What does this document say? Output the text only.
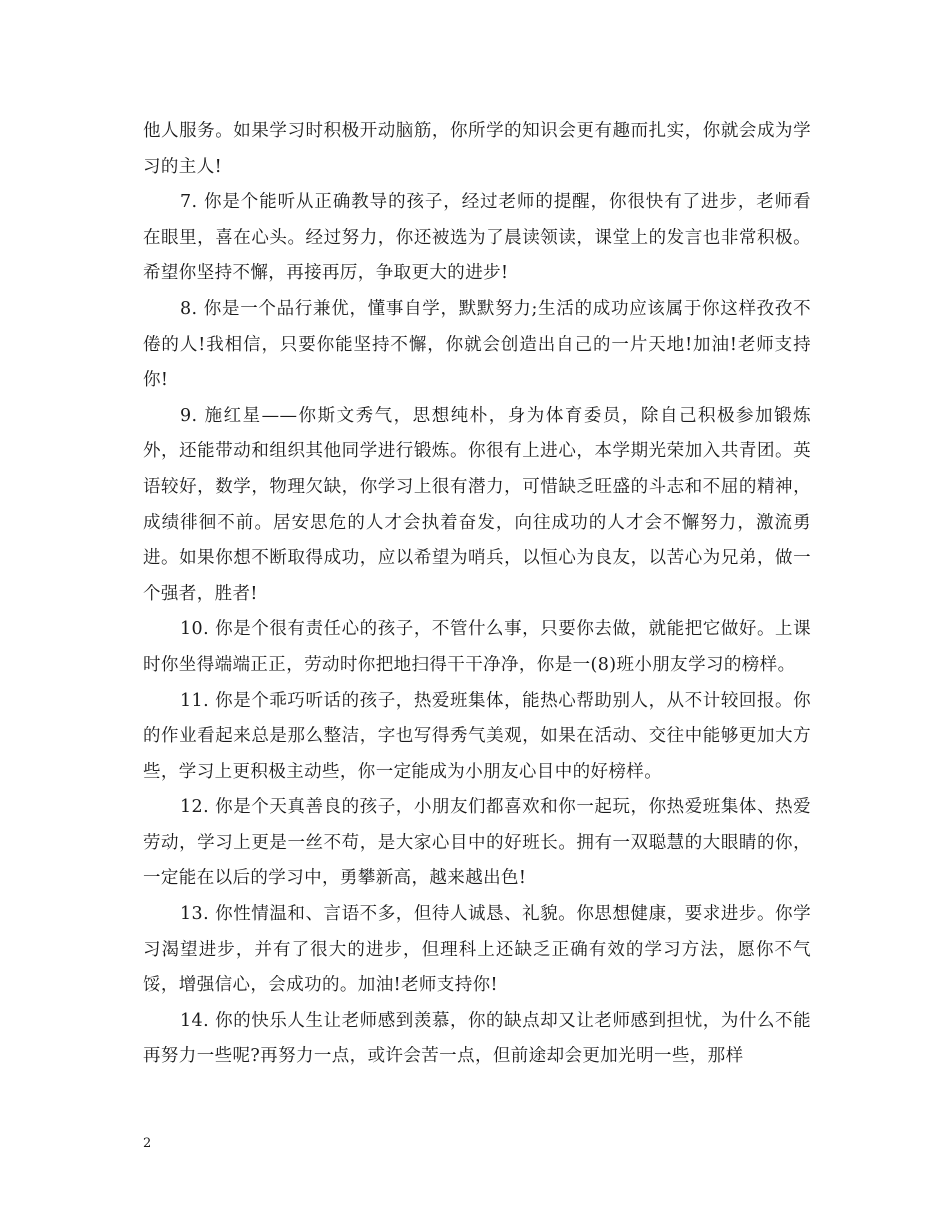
他人服务。如果学习时积极开动脑筋，你所学的知识会更有趣而扎实，你就会成为学习的主人!

7. 你是个能听从正确教导的孩子，经过老师的提醒，你很快有了进步，老师看在眼里，喜在心头。经过努力，你还被选为了晨读领读，课堂上的发言也非常积极。希望你坚持不懈，再接再厉，争取更大的进步!

8. 你是一个品行兼优，懂事自学，默默努力;生活的成功应该属于你这样孜孜不倦的人!我相信，只要你能坚持不懈，你就会创造出自己的一片天地!加油!老师支持你!

9. 施红星——你斯文秀气，思想纯朴，身为体育委员，除自己积极参加锻炼外，还能带动和组织其他同学进行锻炼。你很有上进心，本学期光荣加入共青团。英语较好，数学，物理欠缺，你学习上很有潜力，可惜缺乏旺盛的斗志和不屈的精神，成绩徘徊不前。居安思危的人才会执着奋发，向往成功的人才会不懈努力，激流勇进。如果你想不断取得成功，应以希望为哨兵，以恒心为良友，以苦心为兄弟，做一个强者，胜者!

10. 你是个很有责任心的孩子，不管什么事，只要你去做，就能把它做好。上课时你坐得端端正正，劳动时你把地扫得干干净净，你是一(8)班小朋友学习的榜样。

11. 你是个乖巧听话的孩子，热爱班集体，能热心帮助别人，从不计较回报。你的作业看起来总是那么整洁，字也写得秀气美观，如果在活动、交往中能够更加大方些，学习上更积极主动些，你一定能成为小朋友心目中的好榜样。

12. 你是个天真善良的孩子，小朋友们都喜欢和你一起玩，你热爱班集体、热爱劳动，学习上更是一丝不苟，是大家心目中的好班长。拥有一双聪慧的大眼睛的你，一定能在以后的学习中，勇攀新高，越来越出色!

13. 你性情温和、言语不多，但待人诚恳、礼貌。你思想健康，要求进步。你学习渴望进步，并有了很大的进步，但理科上还缺乏正确有效的学习方法，愿你不气馁，增强信心，会成功的。加油!老师支持你!

14. 你的快乐人生让老师感到羡慕，你的缺点却又让老师感到担忧，为什么不能再努力一些呢?再努力一点，或许会苦一点，但前途却会更加光明一些，那样

2
